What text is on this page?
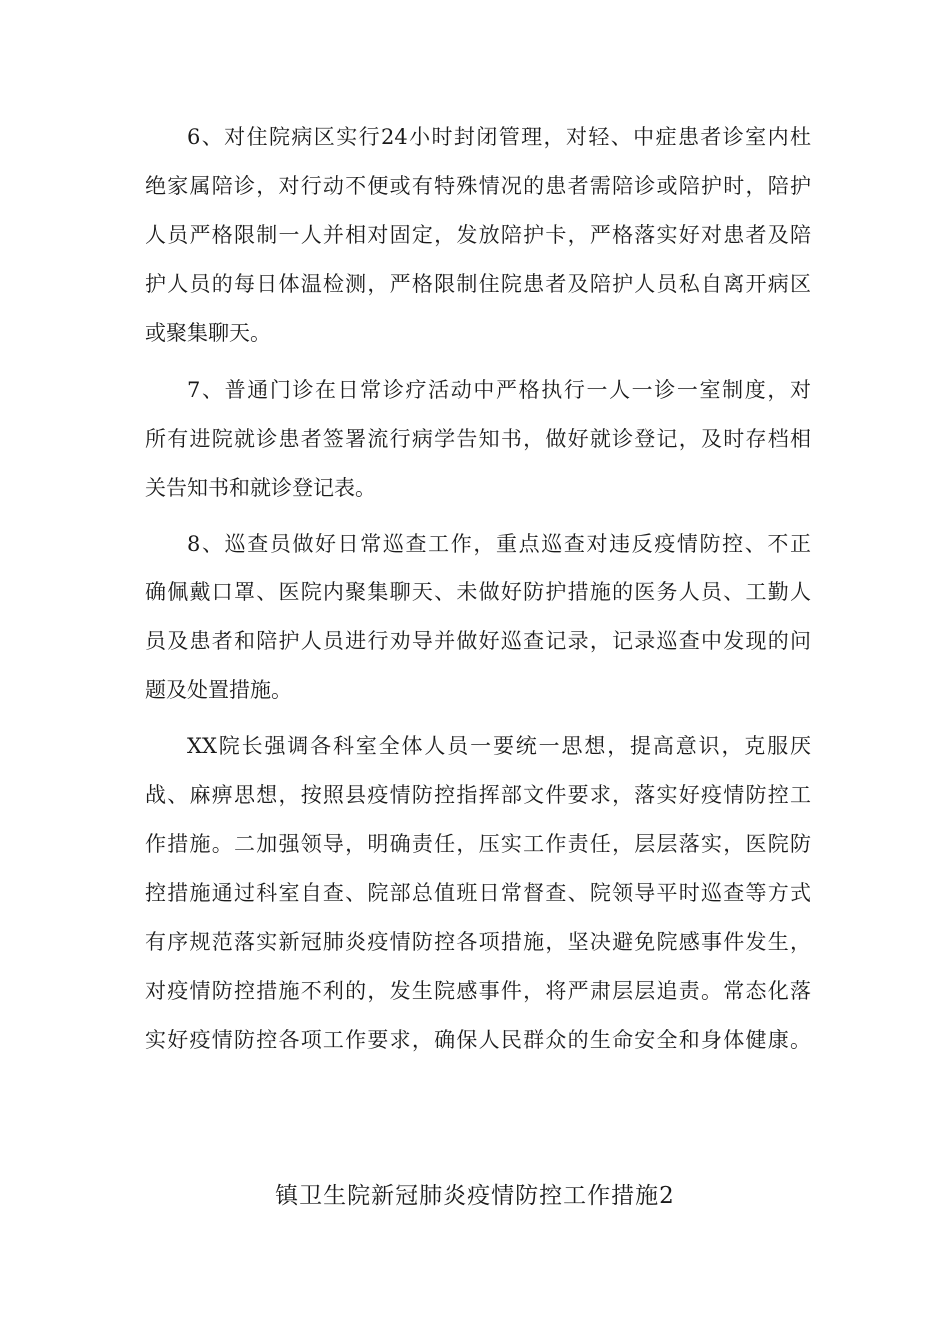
6、对住院病区实行24小时封闭管理，对轻、中症患者诊室内杜
绝家属陪诊，对行动不便或有特殊情况的患者需陪诊或陪护时，陪护
人员严格限制一人并相对固定，发放陪护卡，严格落实好对患者及陪
护人员的每日体温检测，严格限制住院患者及陪护人员私自离开病区
或聚集聊天。
7、普通门诊在日常诊疗活动中严格执行一人一诊一室制度，对
所有进院就诊患者签署流行病学告知书，做好就诊登记，及时存档相
关告知书和就诊登记表。
8、巡查员做好日常巡查工作，重点巡查对违反疫情防控、不正
确佩戴口罩、医院内聚集聊天、未做好防护措施的医务人员、工勤人
员及患者和陪护人员进行劝导并做好巡查记录，记录巡查中发现的问
题及处置措施。
XX院长强调各科室全体人员一要统一思想，提高意识，克服厌
战、麻痹思想，按照县疫情防控指挥部文件要求，落实好疫情防控工
作措施。二加强领导，明确责任，压实工作责任，层层落实，医院防
控措施通过科室自查、院部总值班日常督查、院领导平时巡查等方式
有序规范落实新冠肺炎疫情防控各项措施，坚决避免院感事件发生，
对疫情防控措施不利的，发生院感事件，将严肃层层追责。常态化落
实好疫情防控各项工作要求，确保人民群众的生命安全和身体健康。
镇卫生院新冠肺炎疫情防控工作措施2
